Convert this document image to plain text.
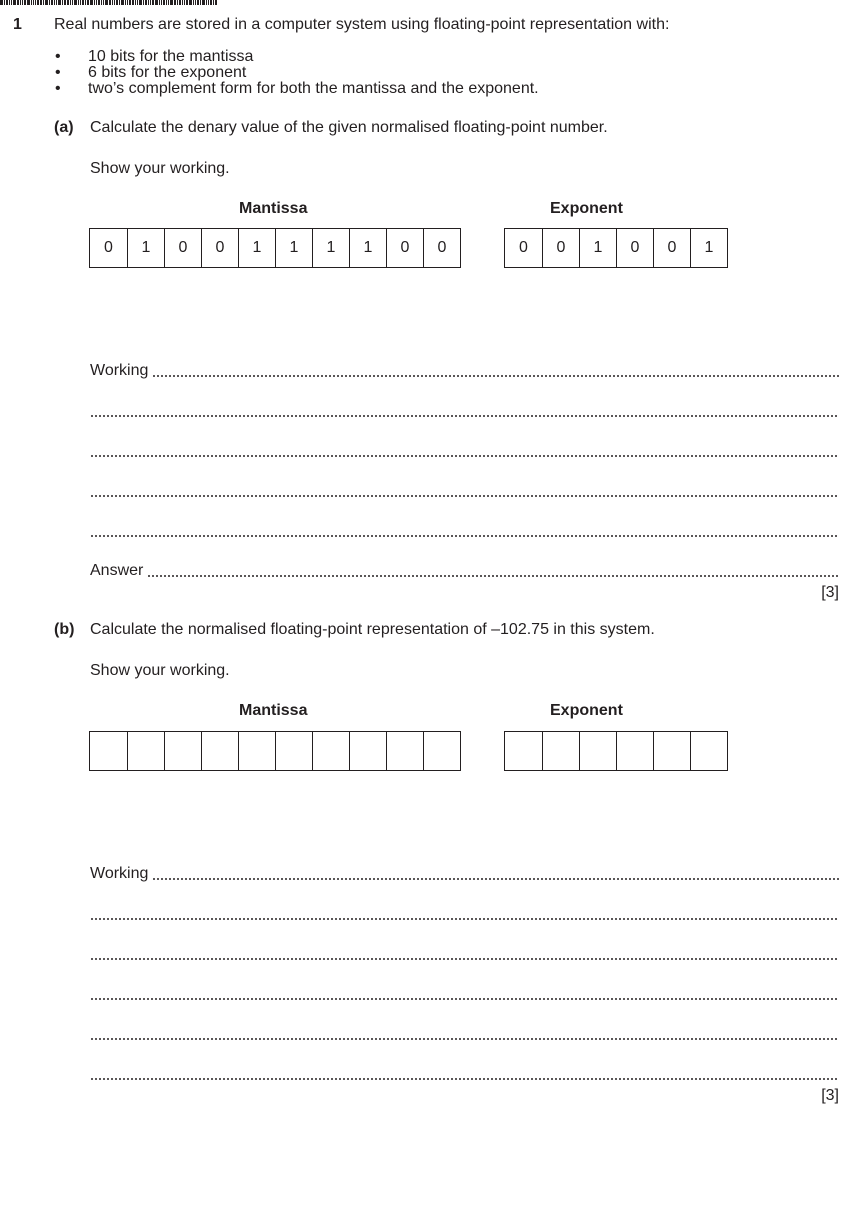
1 Real numbers are stored in a computer system using floating-point representation with:
• 10 bits for the mantissa
• 6 bits for the exponent
• two’s complement form for both the mantissa and the exponent.
(a) Calculate the denary value of the given normalised floating-point number.
Show your working.
Mantissa	Exponent
0	1	0	0	1	1	1	1	0	0	0	0	1	0	0	1
Working
Answer
[3]
(b) Calculate the normalised floating-point representation of –102.75 in this system.
Show your working.
Mantissa	Exponent
Working
[3]
